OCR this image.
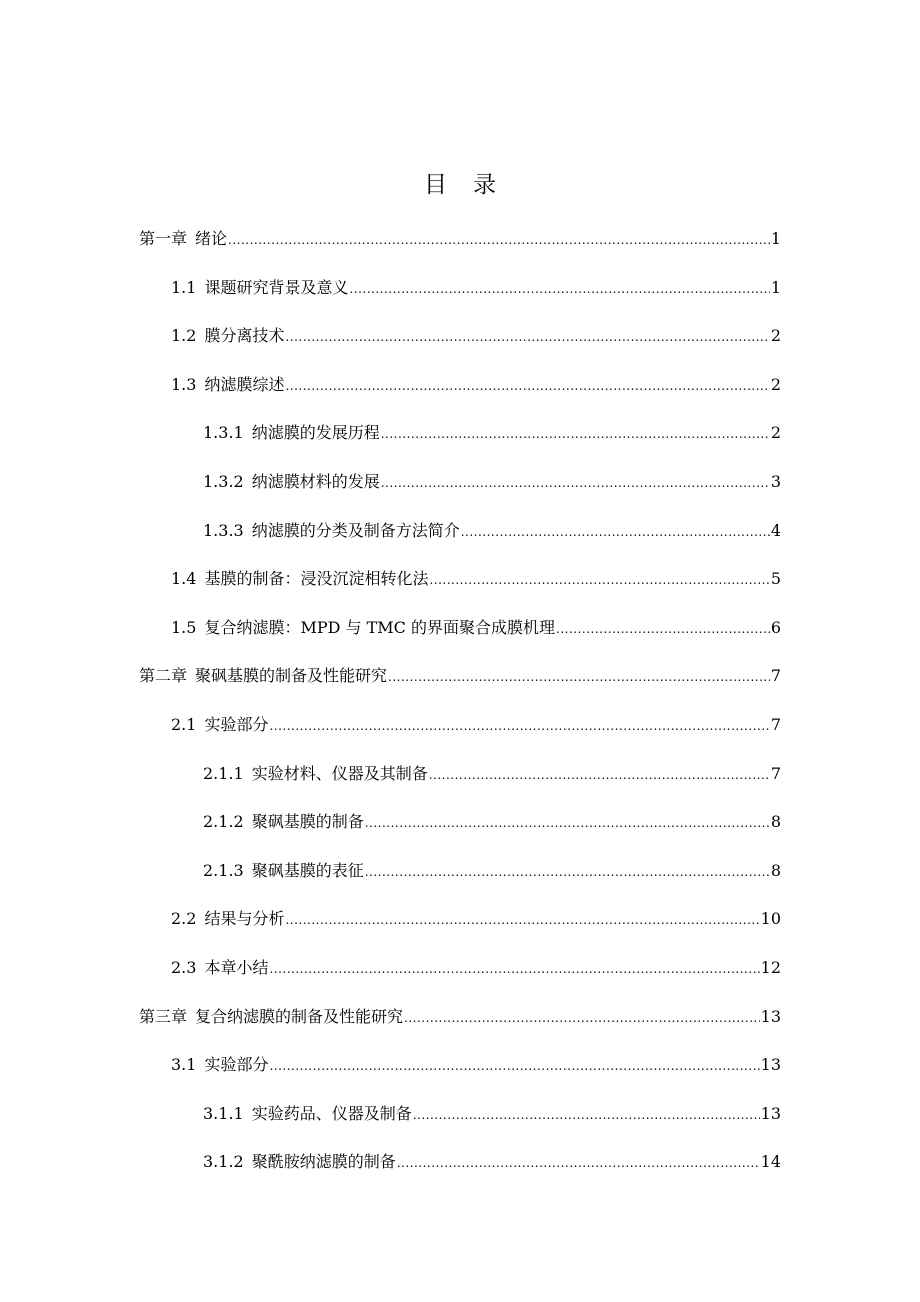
目 录
第一章 绪论 .....	1
1.1 课题研究背景及意义 .....	1
1.2 膜分离技术 .....	2
1.3 纳滤膜综述 .....	2
1.3.1 纳滤膜的发展历程 .....	2
1.3.2 纳滤膜材料的发展 .....	3
1.3.3 纳滤膜的分类及制备方法简介 .....	4
1.4 基膜的制备：浸没沉淀相转化法 .....	5
1.5 复合纳滤膜：MPD 与 TMC 的界面聚合成膜机理 .....	6
第二章 聚砜基膜的制备及性能研究 .....	7
2.1 实验部分 .....	7
2.1.1 实验材料、仪器及其制备 .....	7
2.1.2 聚砜基膜的制备 .....	8
2.1.3 聚砜基膜的表征 .....	8
2.2 结果与分析 .....	10
2.3 本章小结 .....	12
第三章 复合纳滤膜的制备及性能研究 .....	13
3.1 实验部分 .....	13
3.1.1 实验药品、仪器及制备 .....	13
3.1.2 聚酰胺纳滤膜的制备 .....	14
